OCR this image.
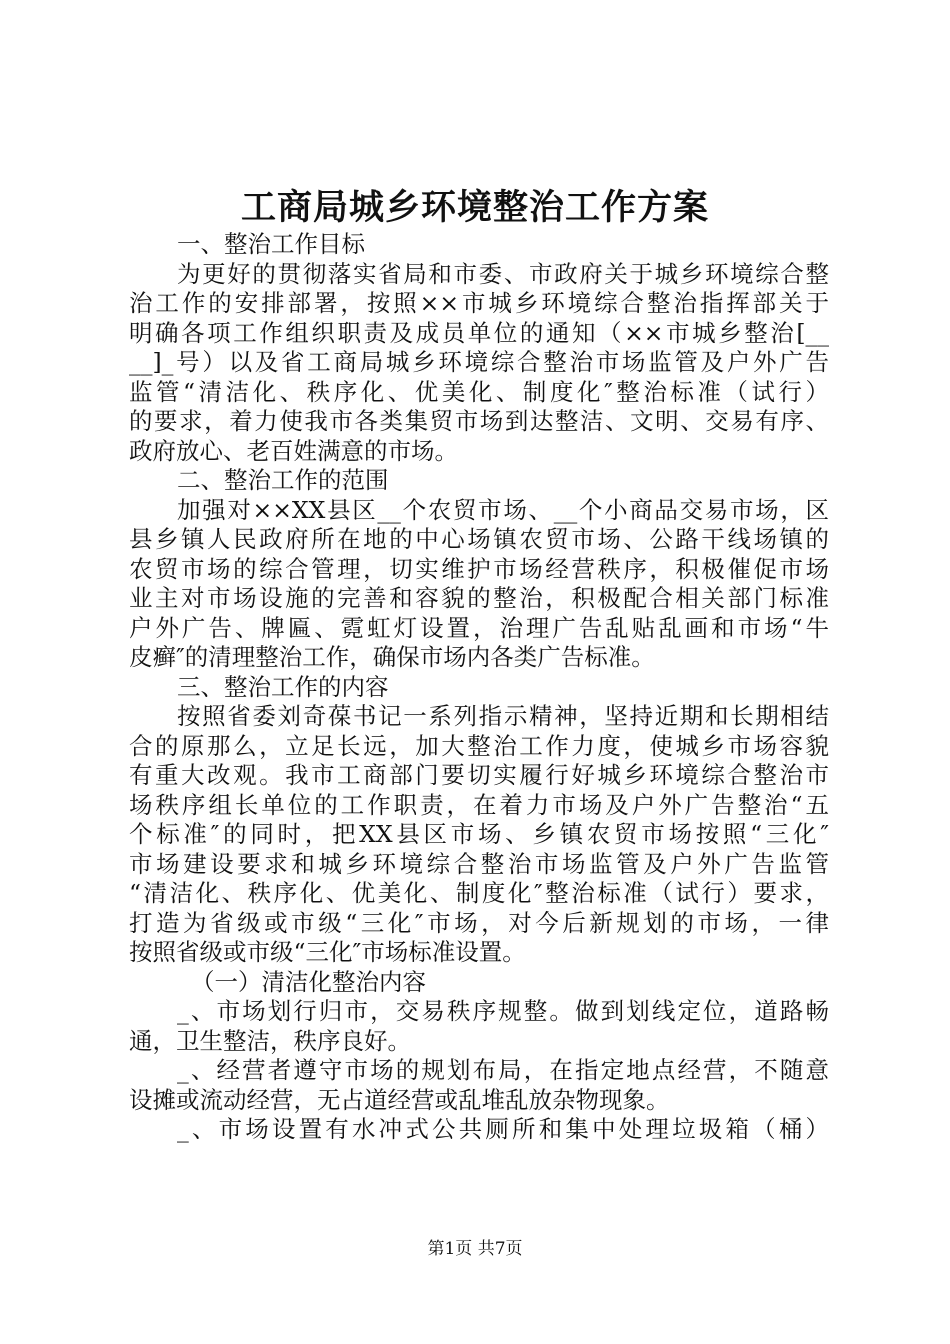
工商局城乡环境整治工作方案
一、整治工作目标
为更好的贯彻落实省局和市委、市政府关于城乡环境综合整
治工作的安排部署，按照××市城乡环境综合整治指挥部关于
明确各项工作组织职责及成员单位的通知（××市城乡整治[__
__]_号）以及省工商局城乡环境综合整治市场监管及户外广告
监管“清洁化、秩序化、优美化、制度化″整治标准（试行）
的要求，着力使我市各类集贸市场到达整洁、文明、交易有序、
政府放心、老百姓满意的市场。
二、整治工作的范围
加强对××XX县区__个农贸市场、__个小商品交易市场，区
县乡镇人民政府所在地的中心场镇农贸市场、公路干线场镇的
农贸市场的综合管理，切实维护市场经营秩序，积极催促市场
业主对市场设施的完善和容貌的整治，积极配合相关部门标准
户外广告、牌匾、霓虹灯设置，治理广告乱贴乱画和市场“牛
皮癣″的清理整治工作，确保市场内各类广告标准。
三、整治工作的内容
按照省委刘奇葆书记一系列指示精神，坚持近期和长期相结
合的原那么，立足长远，加大整治工作力度，使城乡市场容貌
有重大改观。我市工商部门要切实履行好城乡环境综合整治市
场秩序组长单位的工作职责，在着力市场及户外广告整治“五
个标准″的同时，把XX县区市场、乡镇农贸市场按照“三化″
市场建设要求和城乡环境综合整治市场监管及户外广告监管
“清洁化、秩序化、优美化、制度化″整治标准（试行）要求，
打造为省级或市级“三化″市场，对今后新规划的市场，一律
按照省级或市级“三化″市场标准设置。
（一）清洁化整治内容
_、市场划行归市，交易秩序规整。做到划线定位，道路畅
通，卫生整洁，秩序良好。
_、经营者遵守市场的规划布局，在指定地点经营，不随意
设摊或流动经营，无占道经营或乱堆乱放杂物现象。
_、市场设置有水冲式公共厕所和集中处理垃圾箱（桶）
第1页 共7页
